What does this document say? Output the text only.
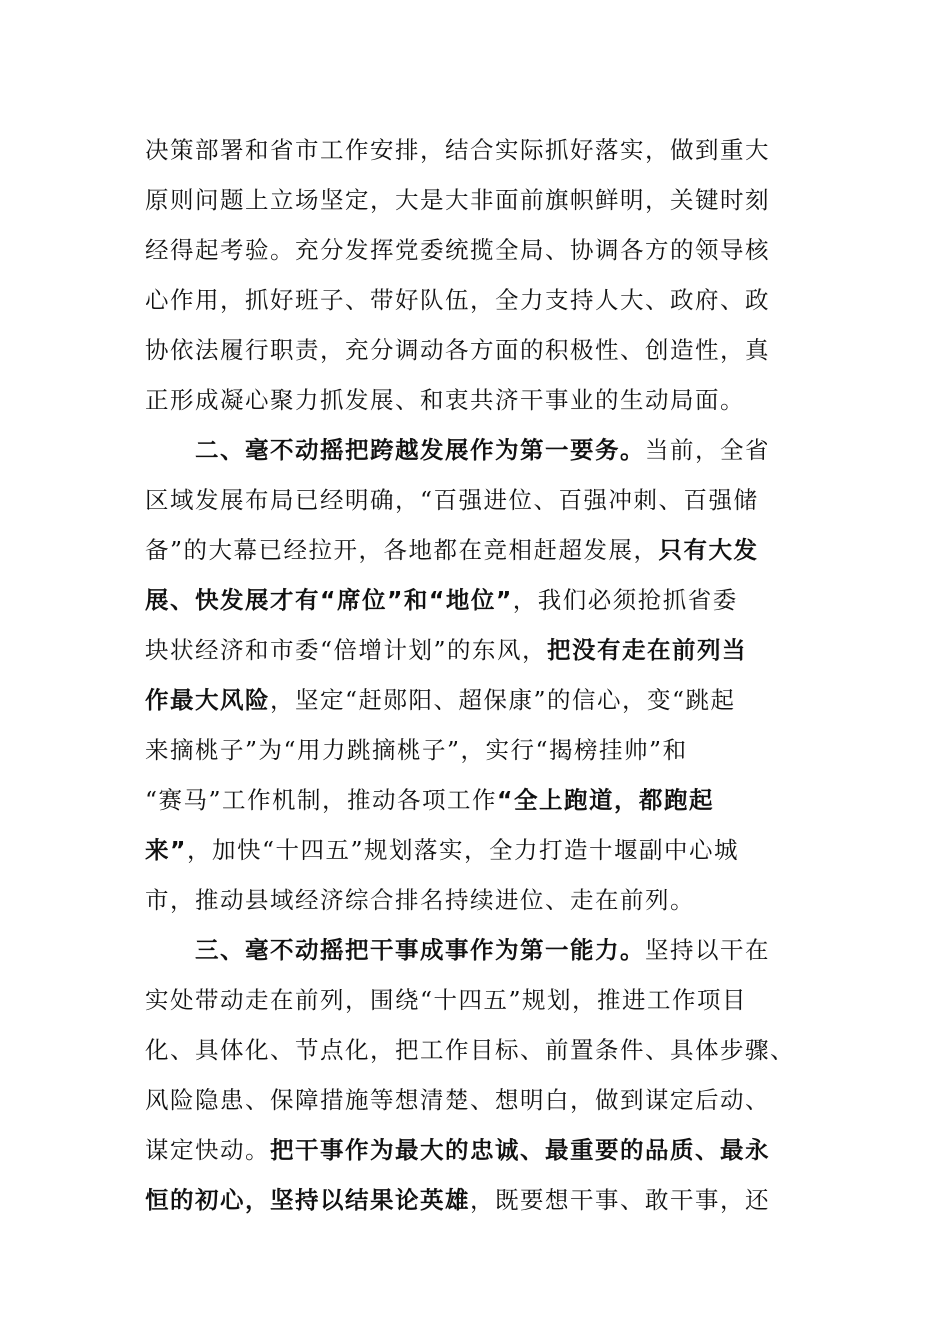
决策部署和省市工作安排，结合实际抓好落实，做到重大
原则问题上立场坚定，大是大非面前旗帜鲜明，关键时刻
经得起考验。充分发挥党委统揽全局、协调各方的领导核
心作用，抓好班子、带好队伍，全力支持人大、政府、政
协依法履行职责，充分调动各方面的积极性、创造性，真
正形成凝心聚力抓发展、和衷共济干事业的生动局面。
二、毫不动摇把跨越发展作为第一要务。当前，全省
区域发展布局已经明确，“百强进位、百强冲刺、百强储
备”的大幕已经拉开，各地都在竞相赶超发展，只有大发
展、快发展才有“席位”和“地位”，我们必须抢抓省委
块状经济和市委“倍增计划”的东风，把没有走在前列当
作最大风险，坚定“赶郧阳、超保康”的信心，变“跳起
来摘桃子”为“用力跳摘桃子”，实行“揭榜挂帅”和
“赛马”工作机制，推动各项工作“全上跑道，都跑起
来”，加快“十四五”规划落实，全力打造十堰副中心城
市，推动县域经济综合排名持续进位、走在前列。
三、毫不动摇把干事成事作为第一能力。坚持以干在
实处带动走在前列，围绕“十四五”规划，推进工作项目
化、具体化、节点化，把工作目标、前置条件、具体步骤、
风险隐患、保障措施等想清楚、想明白，做到谋定后动、
谋定快动。把干事作为最大的忠诚、最重要的品质、最永
恒的初心，坚持以结果论英雄，既要想干事、敢干事，还
